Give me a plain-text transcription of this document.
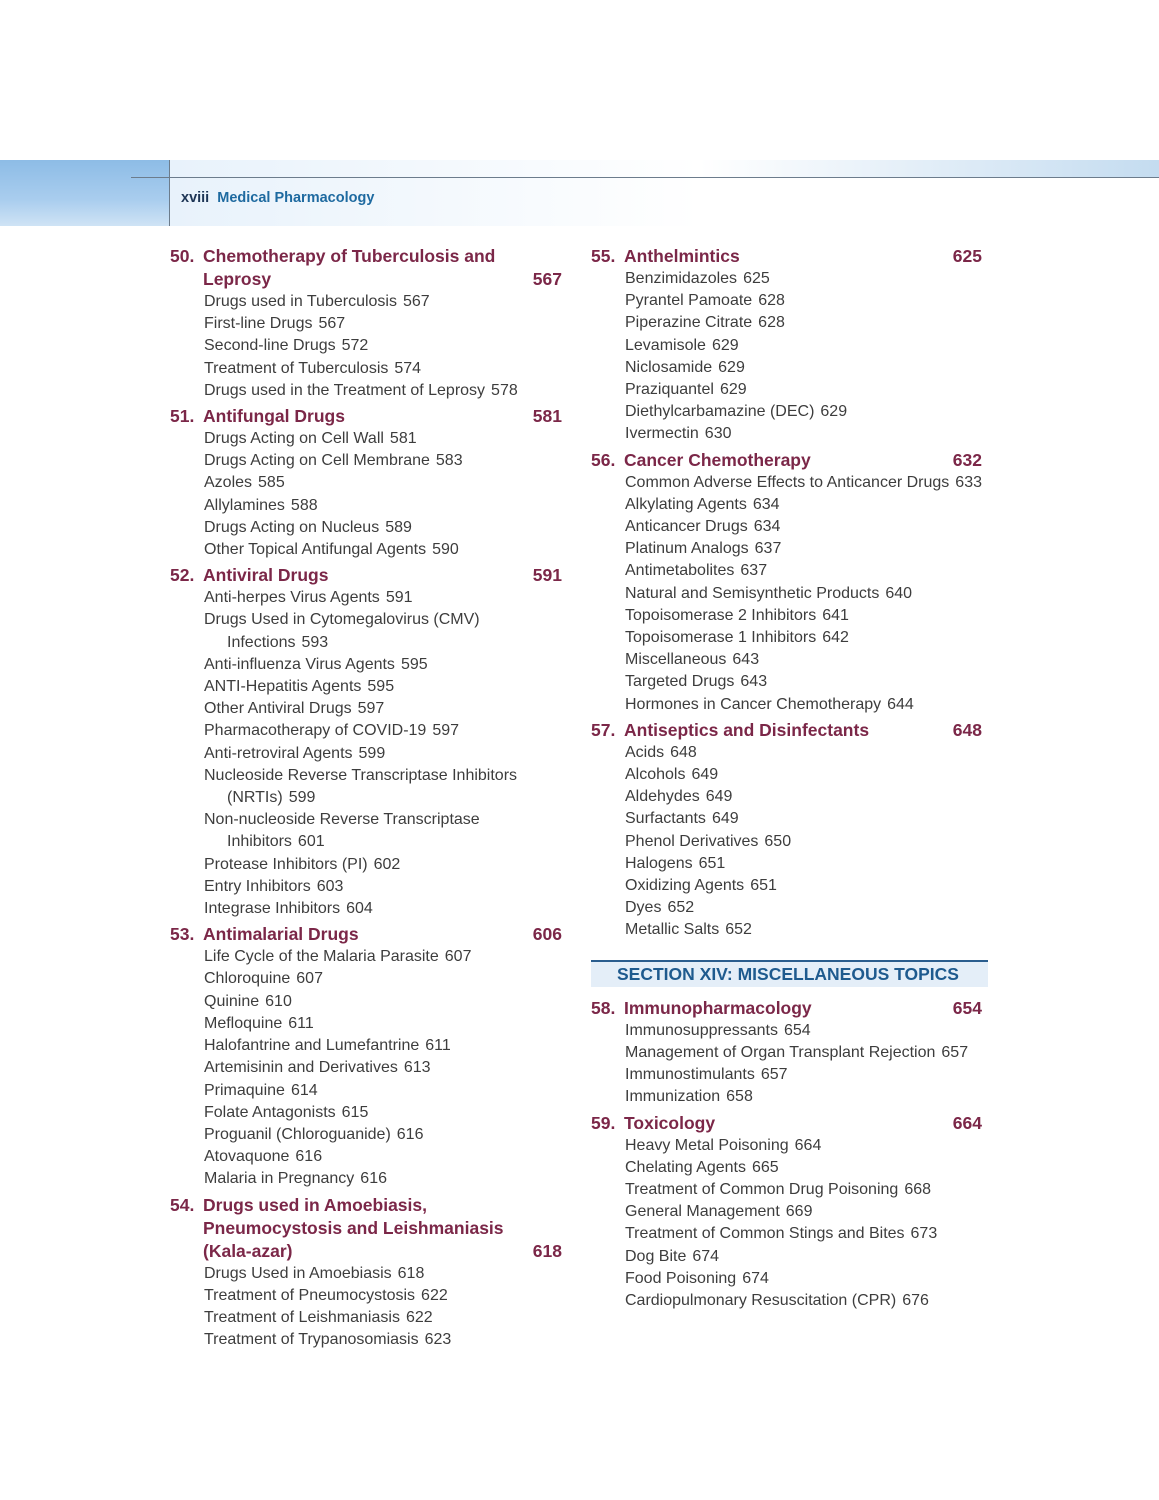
xviii Medical Pharmacology
50. Chemotherapy of Tuberculosis and Leprosy	567
Drugs used in Tuberculosis 567
First-line Drugs 567
Second-line Drugs 572
Treatment of Tuberculosis 574
Drugs used in the Treatment of Leprosy 578
51. Antifungal Drugs	581
Drugs Acting on Cell Wall 581
Drugs Acting on Cell Membrane 583
Azoles 585
Allylamines 588
Drugs Acting on Nucleus 589
Other Topical Antifungal Agents 590
52. Antiviral Drugs	591
Anti-herpes Virus Agents 591
Drugs Used in Cytomegalovirus (CMV) Infections 593
Anti-influenza Virus Agents 595
ANTI-Hepatitis Agents 595
Other Antiviral Drugs 597
Pharmacotherapy of COVID-19 597
Anti-retroviral Agents 599
Nucleoside Reverse Transcriptase Inhibitors (NRTIs) 599
Non-nucleoside Reverse Transcriptase Inhibitors 601
Protease Inhibitors (PI) 602
Entry Inhibitors 603
Integrase Inhibitors 604
53. Antimalarial Drugs	606
Life Cycle of the Malaria Parasite 607
Chloroquine 607
Quinine 610
Mefloquine 611
Halofantrine and Lumefantrine 611
Artemisinin and Derivatives 613
Primaquine 614
Folate Antagonists 615
Proguanil (Chloroguanide) 616
Atovaquone 616
Malaria in Pregnancy 616
54. Drugs used in Amoebiasis, Pneumocystosis and Leishmaniasis (Kala-azar)	618
Drugs Used in Amoebiasis 618
Treatment of Pneumocystosis 622
Treatment of Leishmaniasis 622
Treatment of Trypanosomiasis 623
55. Anthelmintics	625
Benzimidazoles 625
Pyrantel Pamoate 628
Piperazine Citrate 628
Levamisole 629
Niclosamide 629
Praziquantel 629
Diethylcarbamazine (DEC) 629
Ivermectin 630
56. Cancer Chemotherapy	632
Common Adverse Effects to Anticancer Drugs 633
Alkylating Agents 634
Anticancer Drugs 634
Platinum Analogs 637
Antimetabolites 637
Natural and Semisynthetic Products 640
Topoisomerase 2 Inhibitors 641
Topoisomerase 1 Inhibitors 642
Miscellaneous 643
Targeted Drugs 643
Hormones in Cancer Chemotherapy 644
57. Antiseptics and Disinfectants	648
Acids 648
Alcohols 649
Aldehydes 649
Surfactants 649
Phenol Derivatives 650
Halogens 651
Oxidizing Agents 651
Dyes 652
Metallic Salts 652
SECTION XIV: MISCELLANEOUS TOPICS
58. Immunopharmacology	654
Immunosuppressants 654
Management of Organ Transplant Rejection 657
Immunostimulants 657
Immunization 658
59. Toxicology	664
Heavy Metal Poisoning 664
Chelating Agents 665
Treatment of Common Drug Poisoning 668
General Management 669
Treatment of Common Stings and Bites 673
Dog Bite 674
Food Poisoning 674
Cardiopulmonary Resuscitation (CPR) 676
